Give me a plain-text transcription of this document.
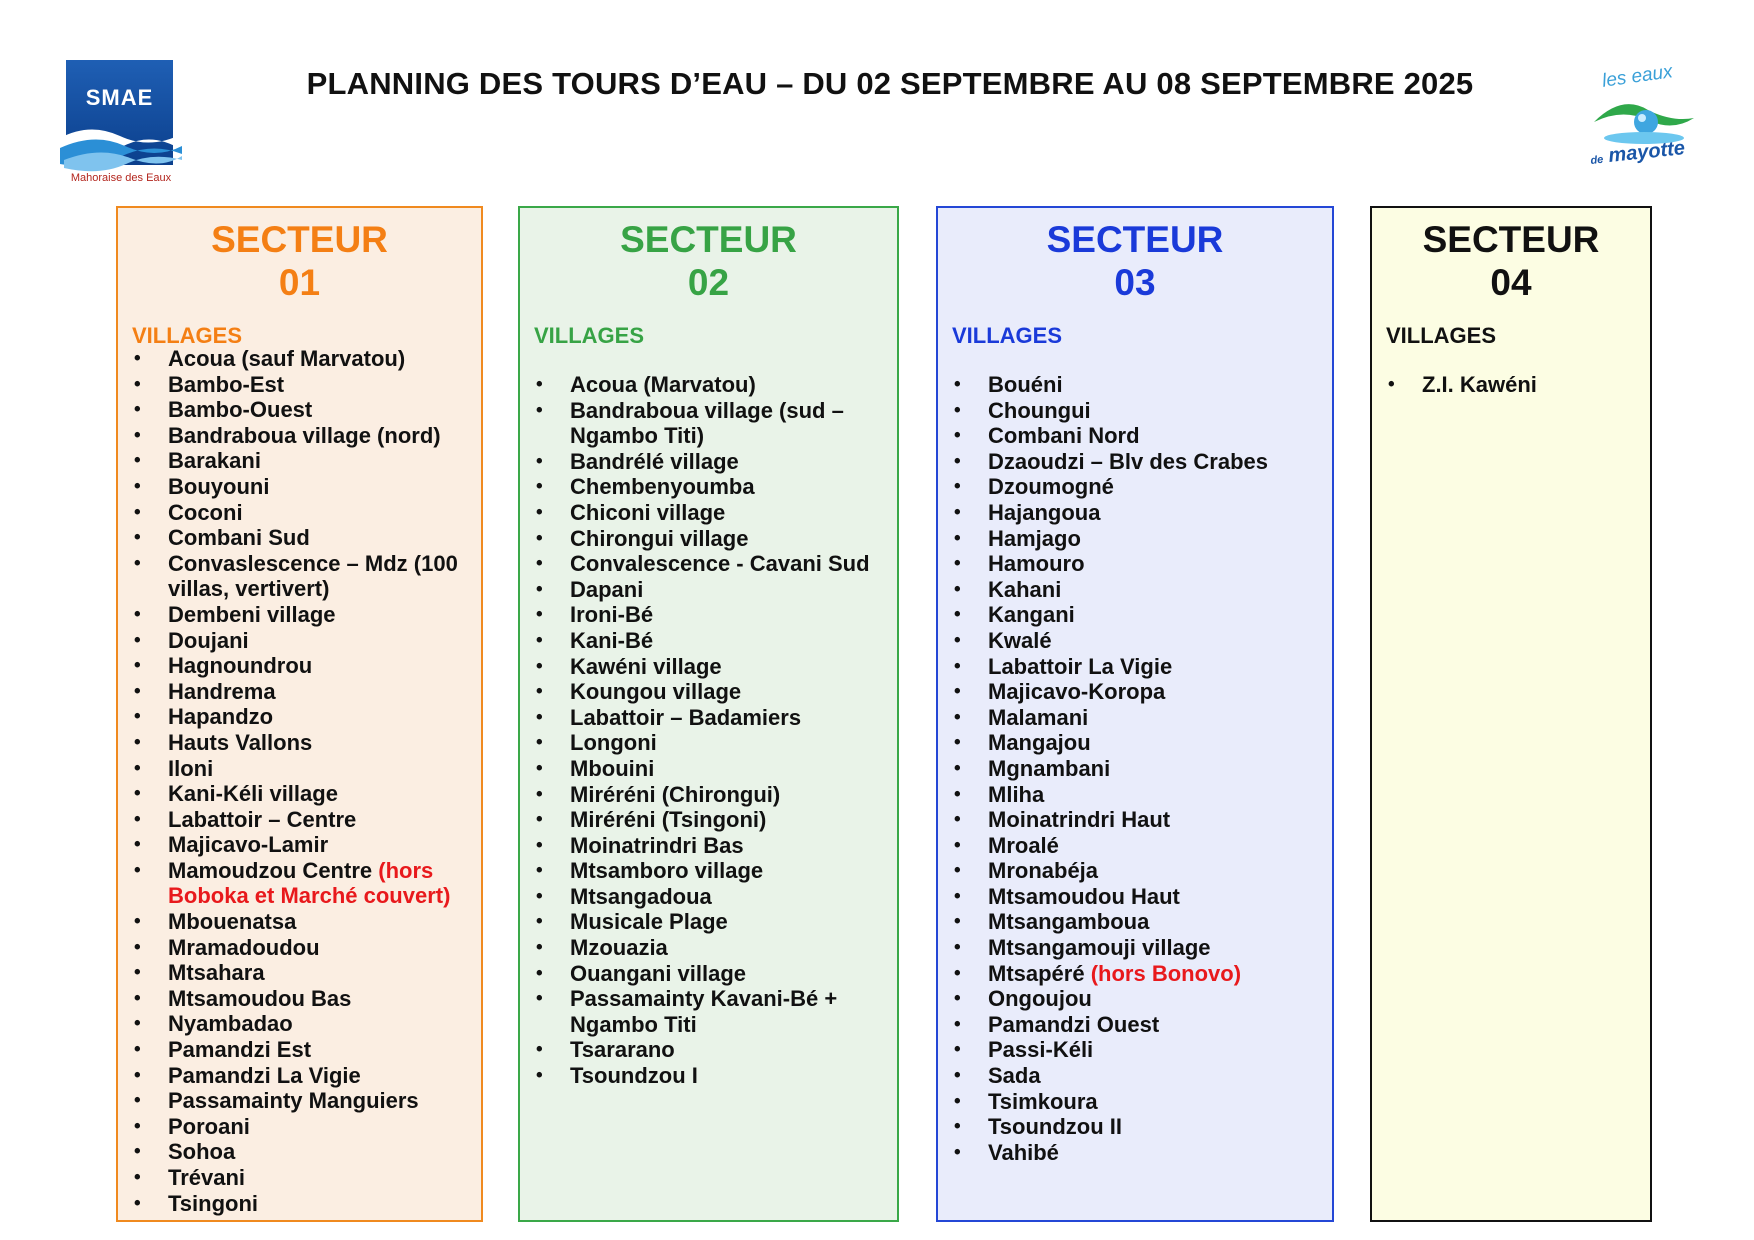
SMAE
Mahoraise des Eaux
PLANNING DES TOURS D’EAU – DU 02 SEPTEMBRE AU 08 SEPTEMBRE 2025	les eaux
de mayotte
SECTEUR
01
VILLAGES
• Acoua (sauf Marvatou)
• Bambo-Est
• Bambo-Ouest
• Bandraboua village (nord)
• Barakani
• Bouyouni
• Coconi
• Combani Sud
• Convaslescence – Mdz (100 villas, vertivert)
• Dembeni village
• Doujani
• Hagnoundrou
• Handrema
• Hapandzo
• Hauts Vallons
• Iloni
• Kani-Kéli village
• Labattoir – Centre
• Majicavo-Lamir
• Mamoudzou Centre (hors Boboka et Marché couvert)
• Mbouenatsa
• Mramadoudou
• Mtsahara
• Mtsamoudou Bas
• Nyambadao
• Pamandzi Est
• Pamandzi La Vigie
• Passamainty Manguiers
• Poroani
• Sohoa
• Trévani
• Tsingoni
SECTEUR
02
VILLAGES
• Acoua (Marvatou)
• Bandraboua village (sud – Ngambo Titi)
• Bandrélé village
• Chembenyoumba
• Chiconi village
• Chirongui village
• Convalescence - Cavani Sud
• Dapani
• Ironi-Bé
• Kani-Bé
• Kawéni village
• Koungou village
• Labattoir – Badamiers
• Longoni
• Mbouini
• Miréréni (Chirongui)
• Miréréni (Tsingoni)
• Moinatrindri Bas
• Mtsamboro village
• Mtsangadoua
• Musicale Plage
• Mzouazia
• Ouangani village
• Passamainty Kavani-Bé + Ngambo Titi
• Tsararano
• Tsoundzou I
SECTEUR
03
VILLAGES
• Bouéni
• Choungui
• Combani Nord
• Dzaoudzi – Blv des Crabes
• Dzoumogné
• Hajangoua
• Hamjago
• Hamouro
• Kahani
• Kangani
• Kwalé
• Labattoir La Vigie
• Majicavo-Koropa
• Malamani
• Mangajou
• Mgnambani
• Mliha
• Moinatrindri Haut
• Mroalé
• Mronabéja
• Mtsamoudou Haut
• Mtsangamboua
• Mtsangamouji village
• Mtsapéré (hors Bonovo)
• Ongoujou
• Pamandzi Ouest
• Passi-Kéli
• Sada
• Tsimkoura
• Tsoundzou II
• Vahibé
SECTEUR
04
VILLAGES
• Z.I. Kawéni
